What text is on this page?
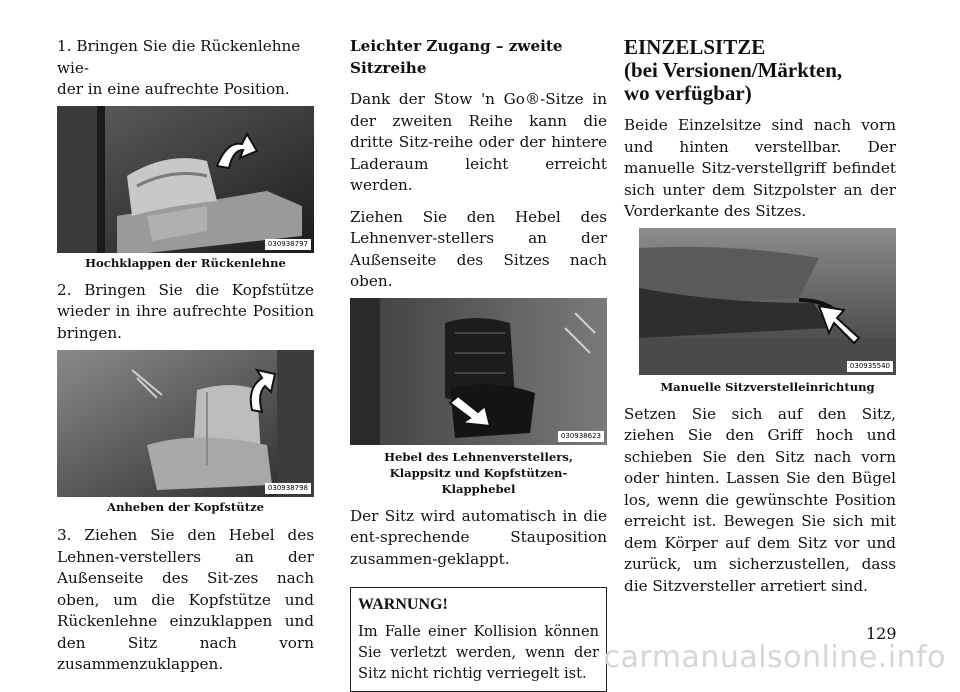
1. Bringen Sie die Rückenlehne wie-
der in eine aufrechte Position.

030938797

Hochklappen der Rückenlehne

2. Bringen Sie die Kopfstütze wieder in ihre aufrechte Position bringen.

030938798

Anheben der Kopfstütze

3. Ziehen Sie den Hebel des Lehnen-verstellers an der Außenseite des Sit-zes nach oben, um die Kopfstütze und Rückenlehne einzuklappen und den Sitz nach vorn zusammenzuklappen.

Leichter Zugang – zweite Sitzreihe

Dank der Stow 'n Go®-Sitze in der zweiten Reihe kann die dritte Sitz-reihe oder der hintere Laderaum leicht erreicht werden.

Ziehen Sie den Hebel des Lehnenver-stellers an der Außenseite des Sitzes nach oben.

030938623

Hebel des Lehnenverstellers,

Klappsitz und Kopfstützen-

Klapphebel

Der Sitz wird automatisch in die ent-sprechende Stauposition zusammen-geklappt.

WARNUNG!

Im Falle einer Kollision können Sie verletzt werden, wenn der Sitz nicht richtig verriegelt ist.

EINZELSITZE
(bei Versionen/Märkten,
wo verfügbar)

Beide Einzelsitze sind nach vorn und hinten verstellbar. Der manuelle Sitz-verstellgriff befindet sich unter dem Sitzpolster an der Vorderkante des Sitzes.

030935540

Manuelle Sitzverstelleinrichtung

Setzen Sie sich auf den Sitz, ziehen Sie den Griff hoch und schieben Sie den Sitz nach vorn oder hinten. Lassen Sie den Bügel los, wenn die gewünschte Position erreicht ist. Bewegen Sie sich mit dem Körper auf dem Sitz vor und zurück, um sicherzustellen, dass die Sitzversteller arretiert sind.

129
carmanualsonline.info
